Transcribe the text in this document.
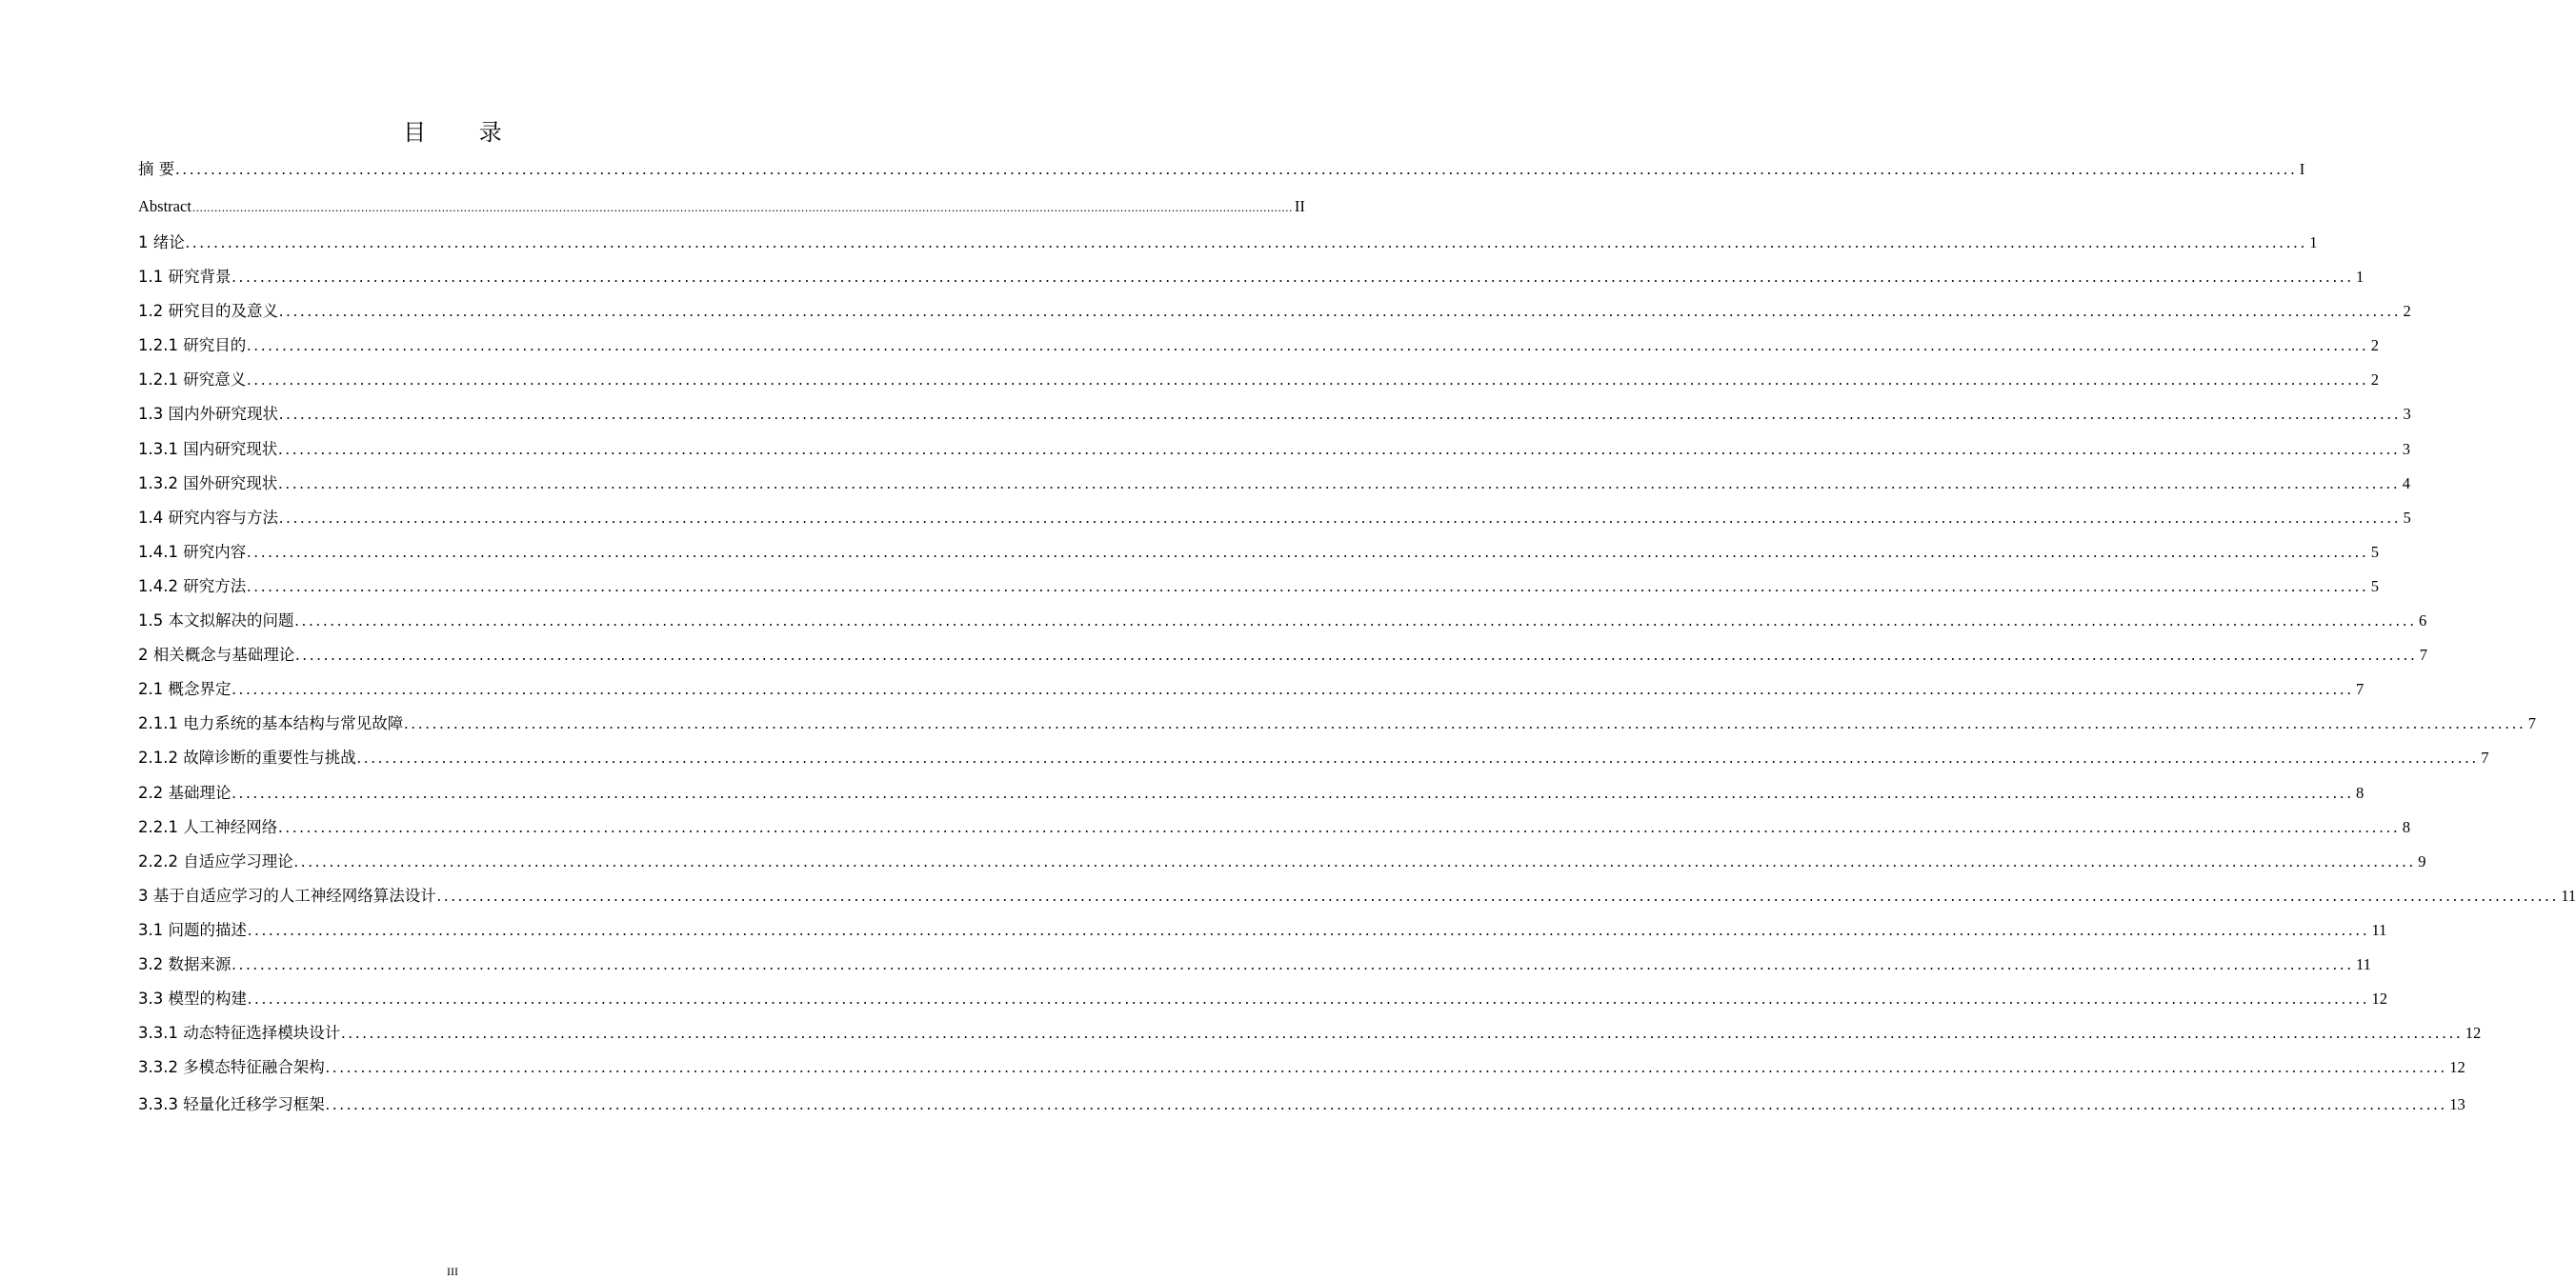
目 录
摘 要 ............................................................................................................................................................................................................................................................................................................ I
Abstract ............................................................................................................................................................................................................................................................................................................ II
1 绪论 ............................................................................................................................................................................................................................................................................................................ 1
1.1 研究背景 ............................................................................................................................................................................................................................................................................................................ 1
1.2 研究目的及意义 ............................................................................................................................................................................................................................................................................................................ 2
1.2.1 研究目的 ............................................................................................................................................................................................................................................................................................................ 2
1.2.1 研究意义 ............................................................................................................................................................................................................................................................................................................ 2
1.3 国内外研究现状 ............................................................................................................................................................................................................................................................................................................ 3
1.3.1 国内研究现状 ............................................................................................................................................................................................................................................................................................................ 3
1.3.2 国外研究现状 ............................................................................................................................................................................................................................................................................................................ 4
1.4 研究内容与方法 ............................................................................................................................................................................................................................................................................................................ 5
1.4.1 研究内容 ............................................................................................................................................................................................................................................................................................................ 5
1.4.2 研究方法 ............................................................................................................................................................................................................................................................................................................ 5
1.5 本文拟解决的问题 ............................................................................................................................................................................................................................................................................................................ 6
2 相关概念与基础理论 ............................................................................................................................................................................................................................................................................................................ 7
2.1 概念界定 ............................................................................................................................................................................................................................................................................................................ 7
2.1.1 电力系统的基本结构与常见故障 ............................................................................................................................................................................................................................................................................................................ 7
2.1.2 故障诊断的重要性与挑战 ............................................................................................................................................................................................................................................................................................................ 7
2.2 基础理论 ............................................................................................................................................................................................................................................................................................................ 8
2.2.1 人工神经网络 ............................................................................................................................................................................................................................................................................................................ 8
2.2.2 自适应学习理论 ............................................................................................................................................................................................................................................................................................................ 9
3 基于自适应学习的人工神经网络算法设计 ............................................................................................................................................................................................................................................................................................................ 11
3.1 问题的描述 ............................................................................................................................................................................................................................................................................................................ 11
3.2 数据来源 ............................................................................................................................................................................................................................................................................................................ 11
3.3 模型的构建 ............................................................................................................................................................................................................................................................................................................ 12
3.3.1 动态特征选择模块设计 ............................................................................................................................................................................................................................................................................................................ 12
3.3.2 多模态特征融合架构 ............................................................................................................................................................................................................................................................................................................ 12
3.3.3 轻量化迁移学习框架 ............................................................................................................................................................................................................................................................................................................ 13
III
